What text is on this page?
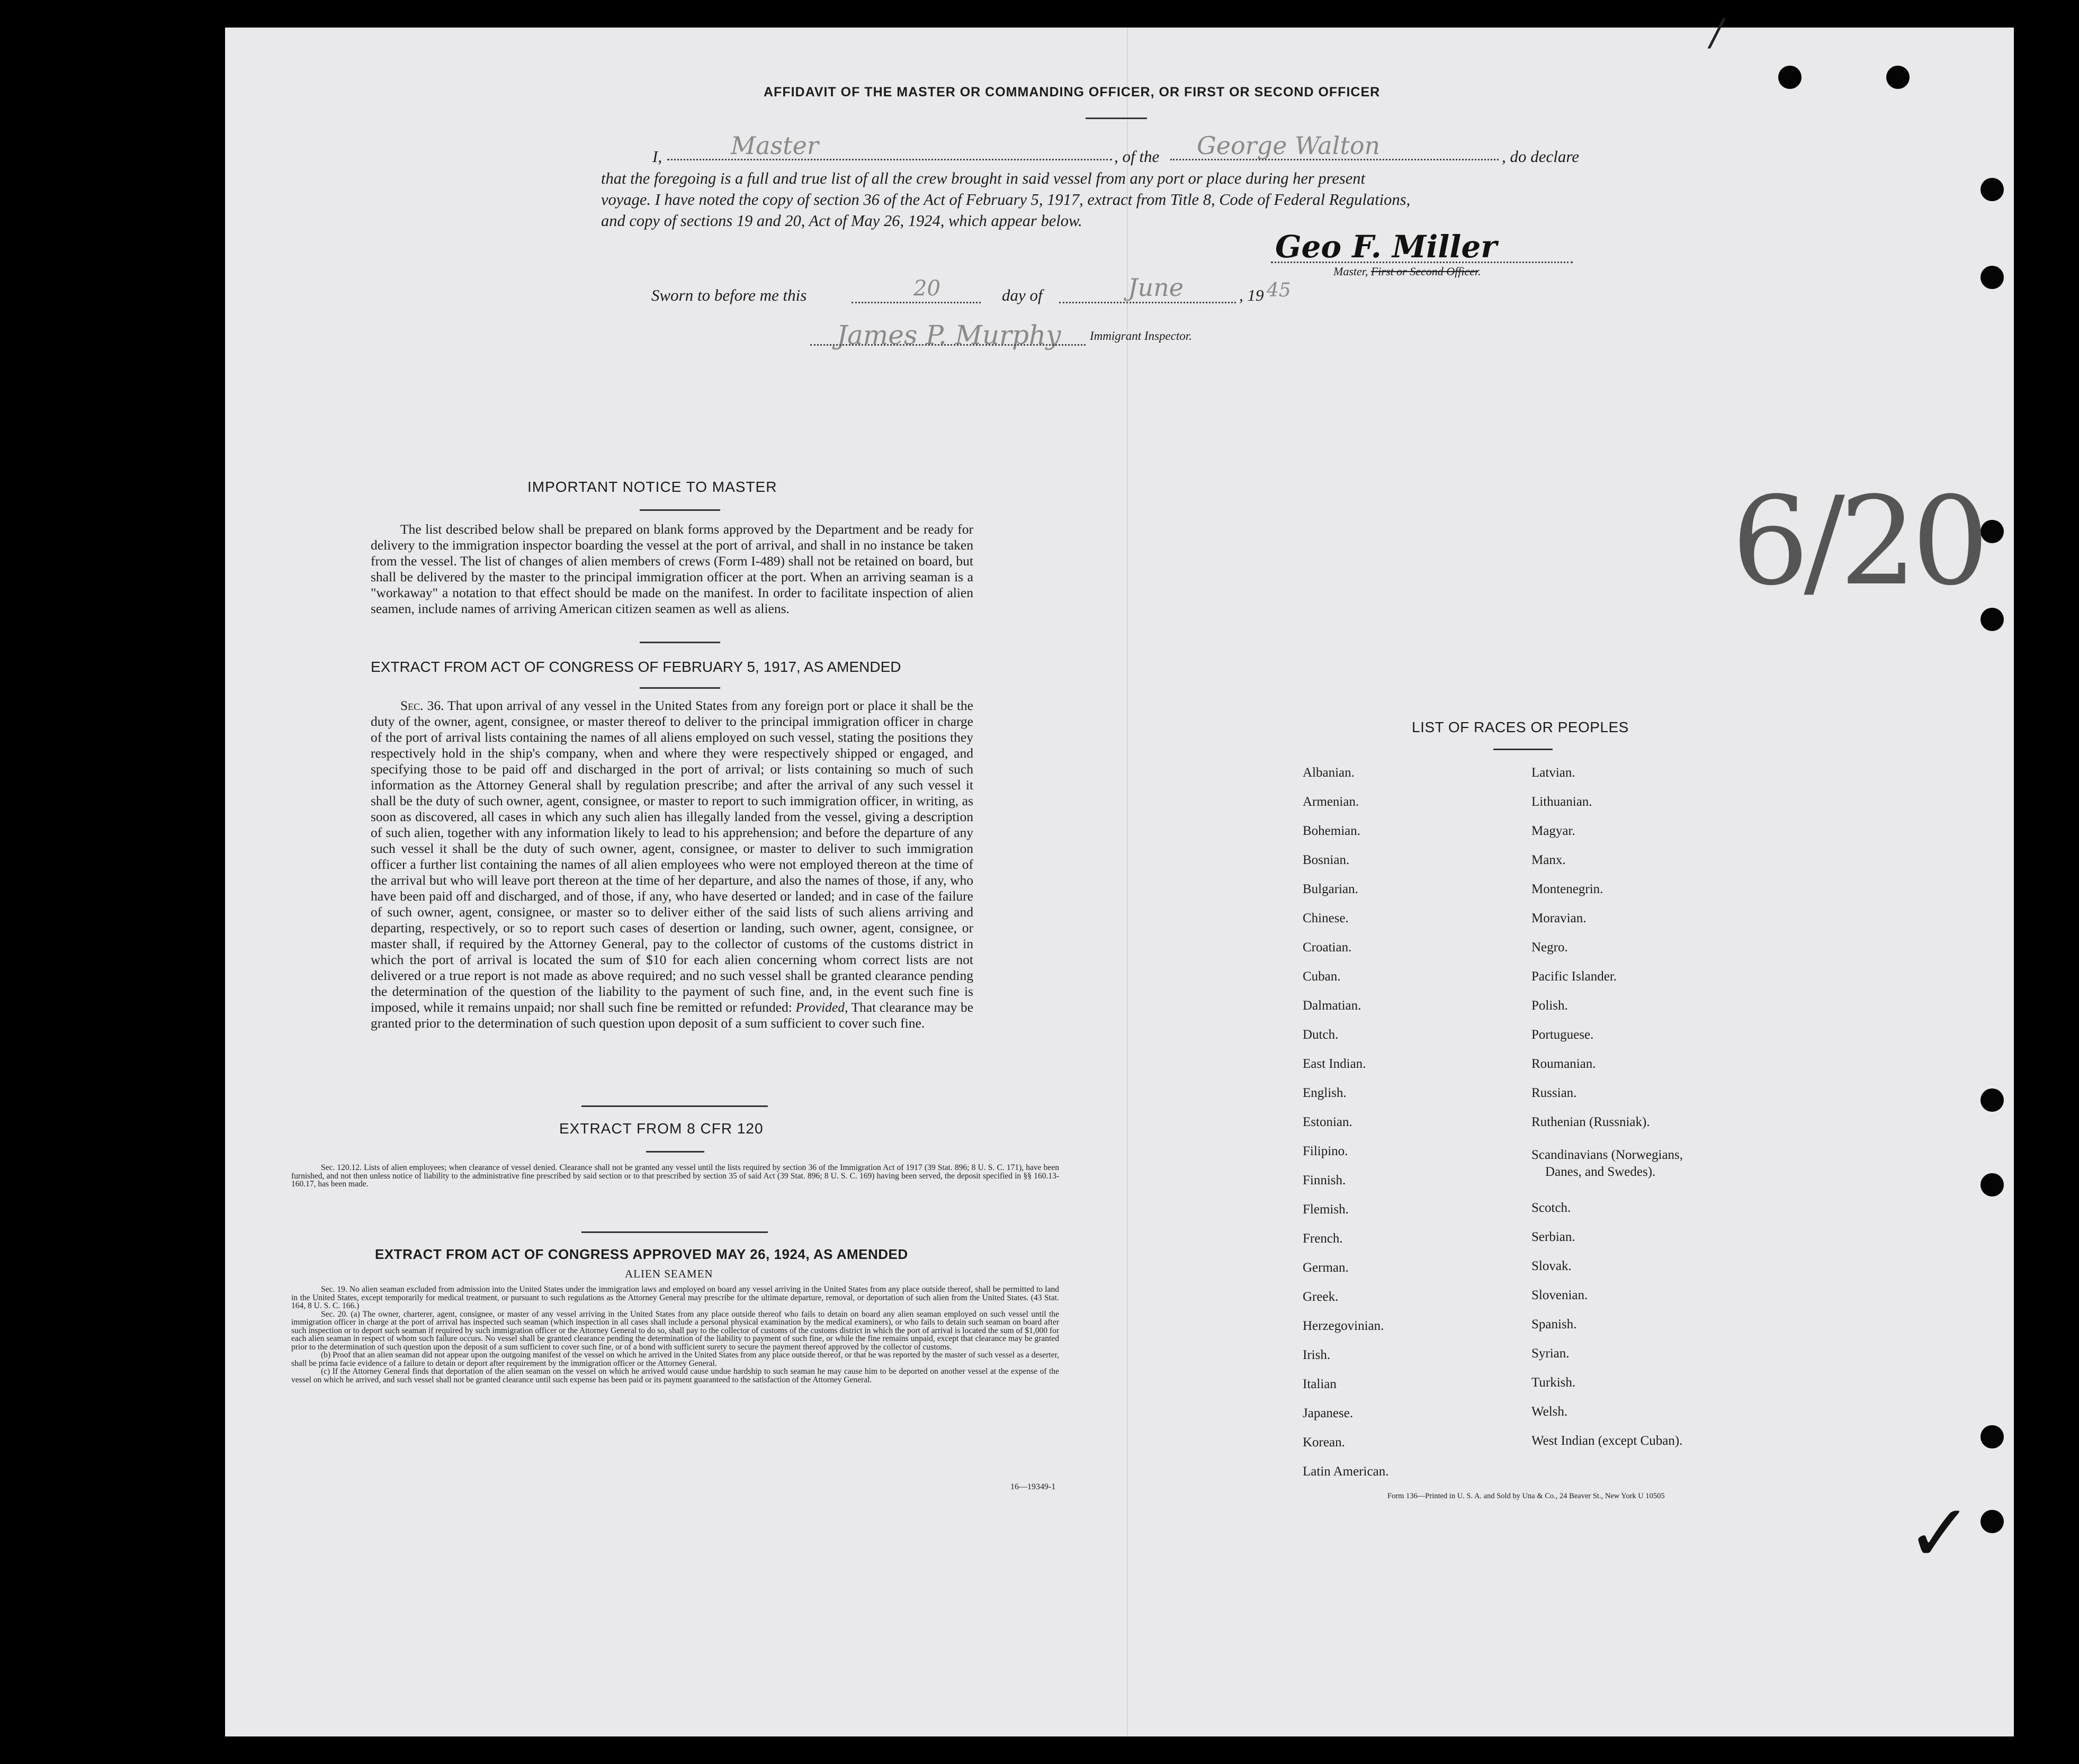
/
AFFIDAVIT OF THE MASTER OR COMMANDING OFFICER, OR FIRST OR SECOND OFFICER
I,	Master	, of the George Walton	, do declare
that the foregoing is a full and true list of all the crew brought in said vessel from any port or place during her present
voyage. I have noted the copy of section 36 of the Act of February 5, 1917, extract from Title 8, Code of Federal Regulations,
and copy of sections 19 and 20, Act of May 26, 1924, which appear below.
Geo F. Miller
Master, First or Second Officer.
Sworn to before me this	20	day of	June	, 19 45
James P. Murphy Immigrant Inspector.
6/20
✓
IMPORTANT NOTICE TO MASTER

The list described below shall be prepared on blank forms approved by the Department and be ready for delivery to the immigration inspector boarding the vessel at the port of arrival, and shall in no instance be taken from the vessel. The list of changes of alien members of crews (Form I-489) shall not be retained on board, but shall be delivered by the master to the principal immigration officer at the port. When an arriving seaman is a "workaway" a notation to that effect should be made on the manifest. In order to facilitate inspection of alien seamen, include names of arriving American citizen seamen as well as aliens.

EXTRACT FROM ACT OF CONGRESS OF FEBRUARY 5, 1917, AS AMENDED

Sec. 36. That upon arrival of any vessel in the United States from any foreign port or place it shall be the duty of the owner, agent, consignee, or master thereof to deliver to the principal immigration officer in charge of the port of arrival lists containing the names of all aliens employed on such vessel, stating the positions they respectively hold in the ship's company, when and where they were respectively shipped or engaged, and specifying those to be paid off and discharged in the port of arrival; or lists containing so much of such information as the Attorney General shall by regulation prescribe; and after the arrival of any such vessel it shall be the duty of such owner, agent, consignee, or master to report to such immigration officer, in writing, as soon as discovered, all cases in which any such alien has illegally landed from the vessel, giving a description of such alien, together with any information likely to lead to his apprehension; and before the departure of any such vessel it shall be the duty of such owner, agent, consignee, or master to deliver to such immigration officer a further list containing the names of all alien employees who were not employed thereon at the time of the arrival but who will leave port thereon at the time of her departure, and also the names of those, if any, who have been paid off and discharged, and of those, if any, who have deserted or landed; and in case of the failure of such owner, agent, consignee, or master so to deliver either of the said lists of such aliens arriving and departing, respectively, or so to report such cases of desertion or landing, such owner, agent, consignee, or master shall, if required by the Attorney General, pay to the collector of customs of the customs district in which the port of arrival is located the sum of $10 for each alien concerning whom correct lists are not delivered or a true report is not made as above required; and no such vessel shall be granted clearance pending the determination of the question of the liability to the payment of such fine, and, in the event such fine is imposed, while it remains unpaid; nor shall such fine be remitted or refunded: Provided, That clearance may be granted prior to the determination of such question upon deposit of a sum sufficient to cover such fine.

EXTRACT FROM 8 CFR 120

Sec. 120.12. Lists of alien employees; when clearance of vessel denied. Clearance shall not be granted any vessel until the lists required by section 36 of the Immigration Act of 1917 (39 Stat. 896; 8 U. S. C. 171), have been furnished, and not then unless notice of liability to the administrative fine prescribed by said section or to that prescribed by section 35 of said Act (39 Stat. 896; 8 U. S. C. 169) having been served, the deposit specified in §§ 160.13-160.17, has been made.

EXTRACT FROM ACT OF CONGRESS APPROVED MAY 26, 1924, AS AMENDED
ALIEN SEAMEN

Sec. 19. No alien seaman excluded from admission into the United States under the immigration laws and employed on board any vessel arriving in the United States from any place outside thereof, shall be permitted to land in the United States, except temporarily for medical treatment, or pursuant to such regulations as the Attorney General may prescribe for the ultimate departure, removal, or deportation of such alien from the United States. (43 Stat. 164, 8 U. S. C. 166.)

Sec. 20. (a) The owner, charterer, agent, consignee, or master of any vessel arriving in the United States from any place outside thereof who fails to detain on board any alien seaman employed on such vessel until the immigration officer in charge at the port of arrival has inspected such seaman (which inspection in all cases shall include a personal physical examination by the medical examiners), or who fails to detain such seaman on board after such inspection or to deport such seaman if required by such immigration officer or the Attorney General to do so, shall pay to the collector of customs of the customs district in which the port of arrival is located the sum of $1,000 for each alien seaman in respect of whom such failure occurs. No vessel shall be granted clearance pending the determination of the liability to payment of such fine, or while the fine remains unpaid, except that clearance may be granted prior to the determination of such question upon the deposit of a sum sufficient to cover such fine, or of a bond with sufficient surety to secure the payment thereof approved by the collector of customs.

(b) Proof that an alien seaman did not appear upon the outgoing manifest of the vessel on which he arrived in the United States from any place outside thereof, or that he was reported by the master of such vessel as a deserter, shall be prima facie evidence of a failure to detain or deport after requirement by the immigration officer or the Attorney General.

(c) If the Attorney General finds that deportation of the alien seaman on the vessel on which he arrived would cause undue hardship to such seaman he may cause him to be deported on another vessel at the expense of the vessel on which he arrived, and such vessel shall not be granted clearance until such expense has been paid or its payment guaranteed to the satisfaction of the Attorney General.

16—19349-1
LIST OF RACES OR PEOPLES
Albanian.
Armenian.
Bohemian.
Bosnian.
Bulgarian.
Chinese.
Croatian.
Cuban.
Dalmatian.
Dutch.
East Indian.
English.
Estonian.
Filipino.
Finnish.
Flemish.
French.
German.
Greek.
Herzegovinian.
Irish.
Italian
Japanese.
Korean.
Latin American.
Latvian.
Lithuanian.
Magyar.
Manx.
Montenegrin.
Moravian.
Negro.
Pacific Islander.
Polish.
Portuguese.
Roumanian.
Russian.
Ruthenian (Russniak).
Scandinavians (Norwegians,
Danes, and Swedes).
Scotch.
Serbian.
Slovak.
Slovenian.
Spanish.
Syrian.
Turkish.
Welsh.
West Indian (except Cuban).
Form 136—Printed in U. S. A. and Sold by Una & Co., 24 Beaver St., New York U 10505
